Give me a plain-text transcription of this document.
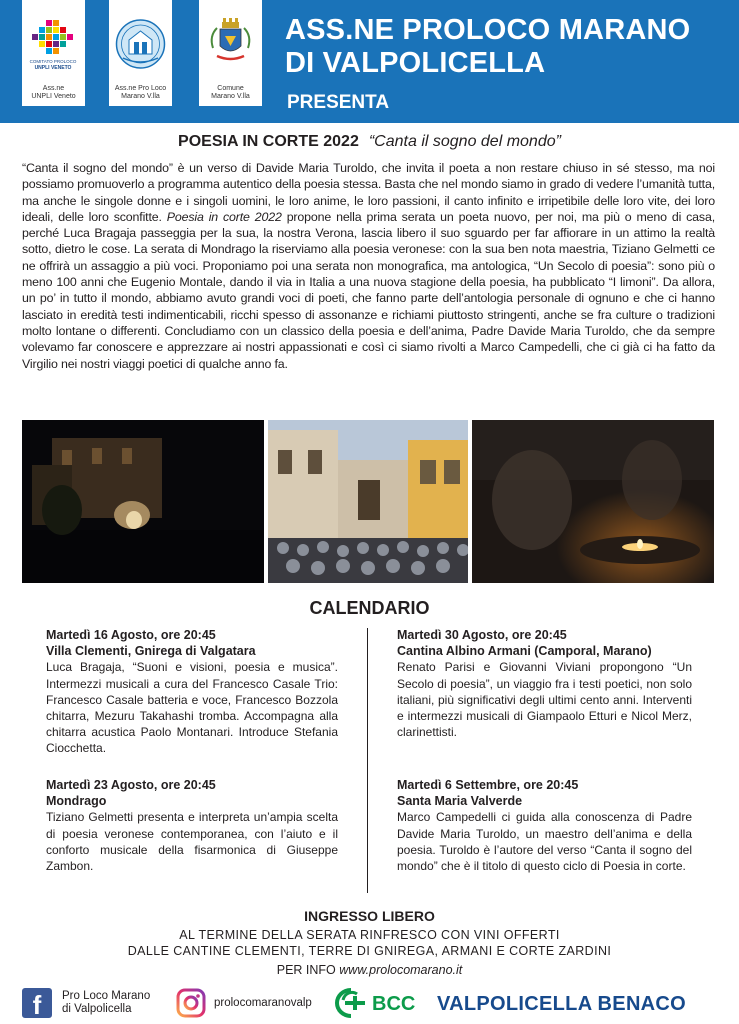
COMITATO PROLOCO
UNPLI VENETO
Ass.ne
UNPLI Veneto
Ass.ne Pro Loco
Marano V.lla
Comune
Marano V.lla
ASS.NE PROLOCO MARANO
DI VALPOLICELLA
PRESENTA
POESIA IN CORTE 2022 “Canta il sogno del mondo”

“Canta il sogno del mondo” è un verso di Davide Maria Turoldo, che invita il poeta a non restare chiuso in sé stesso, ma noi possiamo promuoverlo a programma autentico della poesia stessa. Basta che nel mondo siamo in grado di vedere l’umanità tutta, ma anche le singole donne e i singoli uomini, le loro anime, le loro passioni, il canto infinito e irripetibile delle loro vite, dei loro ideali, delle loro sconfitte. Poesia in corte 2022 propone nella prima serata un poeta nuovo, per noi, ma più o meno di casa, perché Luca Bragaja passeggia per la sua, la nostra Verona, lascia libero il suo sguardo per far affiorare in un attimo la realtà sotto, dietro le cose. La serata di Mondrago la riserviamo alla poesia veronese: con la sua ben nota maestria, Tiziano Gelmetti ce ne offrirà un assaggio a più voci. Proponiamo poi una serata non monografica, ma antologica, “Un Secolo di poesia”: sono più o meno 100 anni che Eugenio Montale, dando il via in Italia a una nuova stagione della poesia, ha pubblicato “I limoni”. Da allora, un po’ in tutto il mondo, abbiamo avuto grandi voci di poeti, che fanno parte dell’antologia personale di ognuno e che ci hanno lasciato in eredità testi indimenticabili, ricchi spesso di assonanze e richiami piuttosto stringenti, anche se fra culture o tradizioni molto lontane o differenti. Concludiamo con un classico della poesia e dell’anima, Padre Davide Maria Turoldo, che da sempre volevamo far conoscere e apprezzare ai nostri appassionati e così ci siamo rivolti a Marco Campedelli, che ci già ci ha fatto da Virgilio nei nostri viaggi poetici di qualche anno fa.

CALENDARIO
Martedì 16 Agosto, ore 20:45
Villa Clementi, Gnirega di Valgatara
Luca Bragaja, “Suoni e visioni, poesia e musica”. Intermezzi musicali a cura del Francesco Casale Trio: Francesco Casale batteria e voce, Francesco Bozzola chitarra, Mezuru Takahashi tromba. Accompagna alla chitarra acustica Paolo Montanari. Introduce Stefania Ciocchetta.
Martedì 23 Agosto, ore 20:45
Mondrago
Tiziano Gelmetti presenta e interpreta un’ampia scelta di poesia veronese contemporanea, con l’aiuto e il conforto musicale della fisarmonica di Giuseppe Zambon.
Martedì 30 Agosto, ore 20:45
Cantina Albino Armani (Camporal, Marano)
Renato Parisi e Giovanni Viviani propongono “Un Secolo di poesia”, un viaggio fra i testi poetici, non solo italiani, più significativi degli ultimi cento anni. Interventi e intermezzi musicali di Giampaolo Etturi e Nicol Merz, clarinettisti.
Martedì 6 Settembre, ore 20:45
Santa Maria Valverde
Marco Campedelli ci guida alla conoscenza di Padre Davide Maria Turoldo, un maestro dell’anima e della poesia. Turoldo è l’autore del verso “Canta il sogno del mondo” che è il titolo di questo ciclo di Poesia in corte.
INGRESSO LIBERO
AL TERMINE DELLA SERATA RINFRESCO CON VINI OFFERTI
DALLE CANTINE CLEMENTI, TERRE DI GNIREGA, ARMANI E CORTE ZARDINI
PER INFO www.prolocomarano.it
f	Pro Loco Marano
di Valpolicella	prolocomaranovalp	BCC VALPOLICELLA BENACO
